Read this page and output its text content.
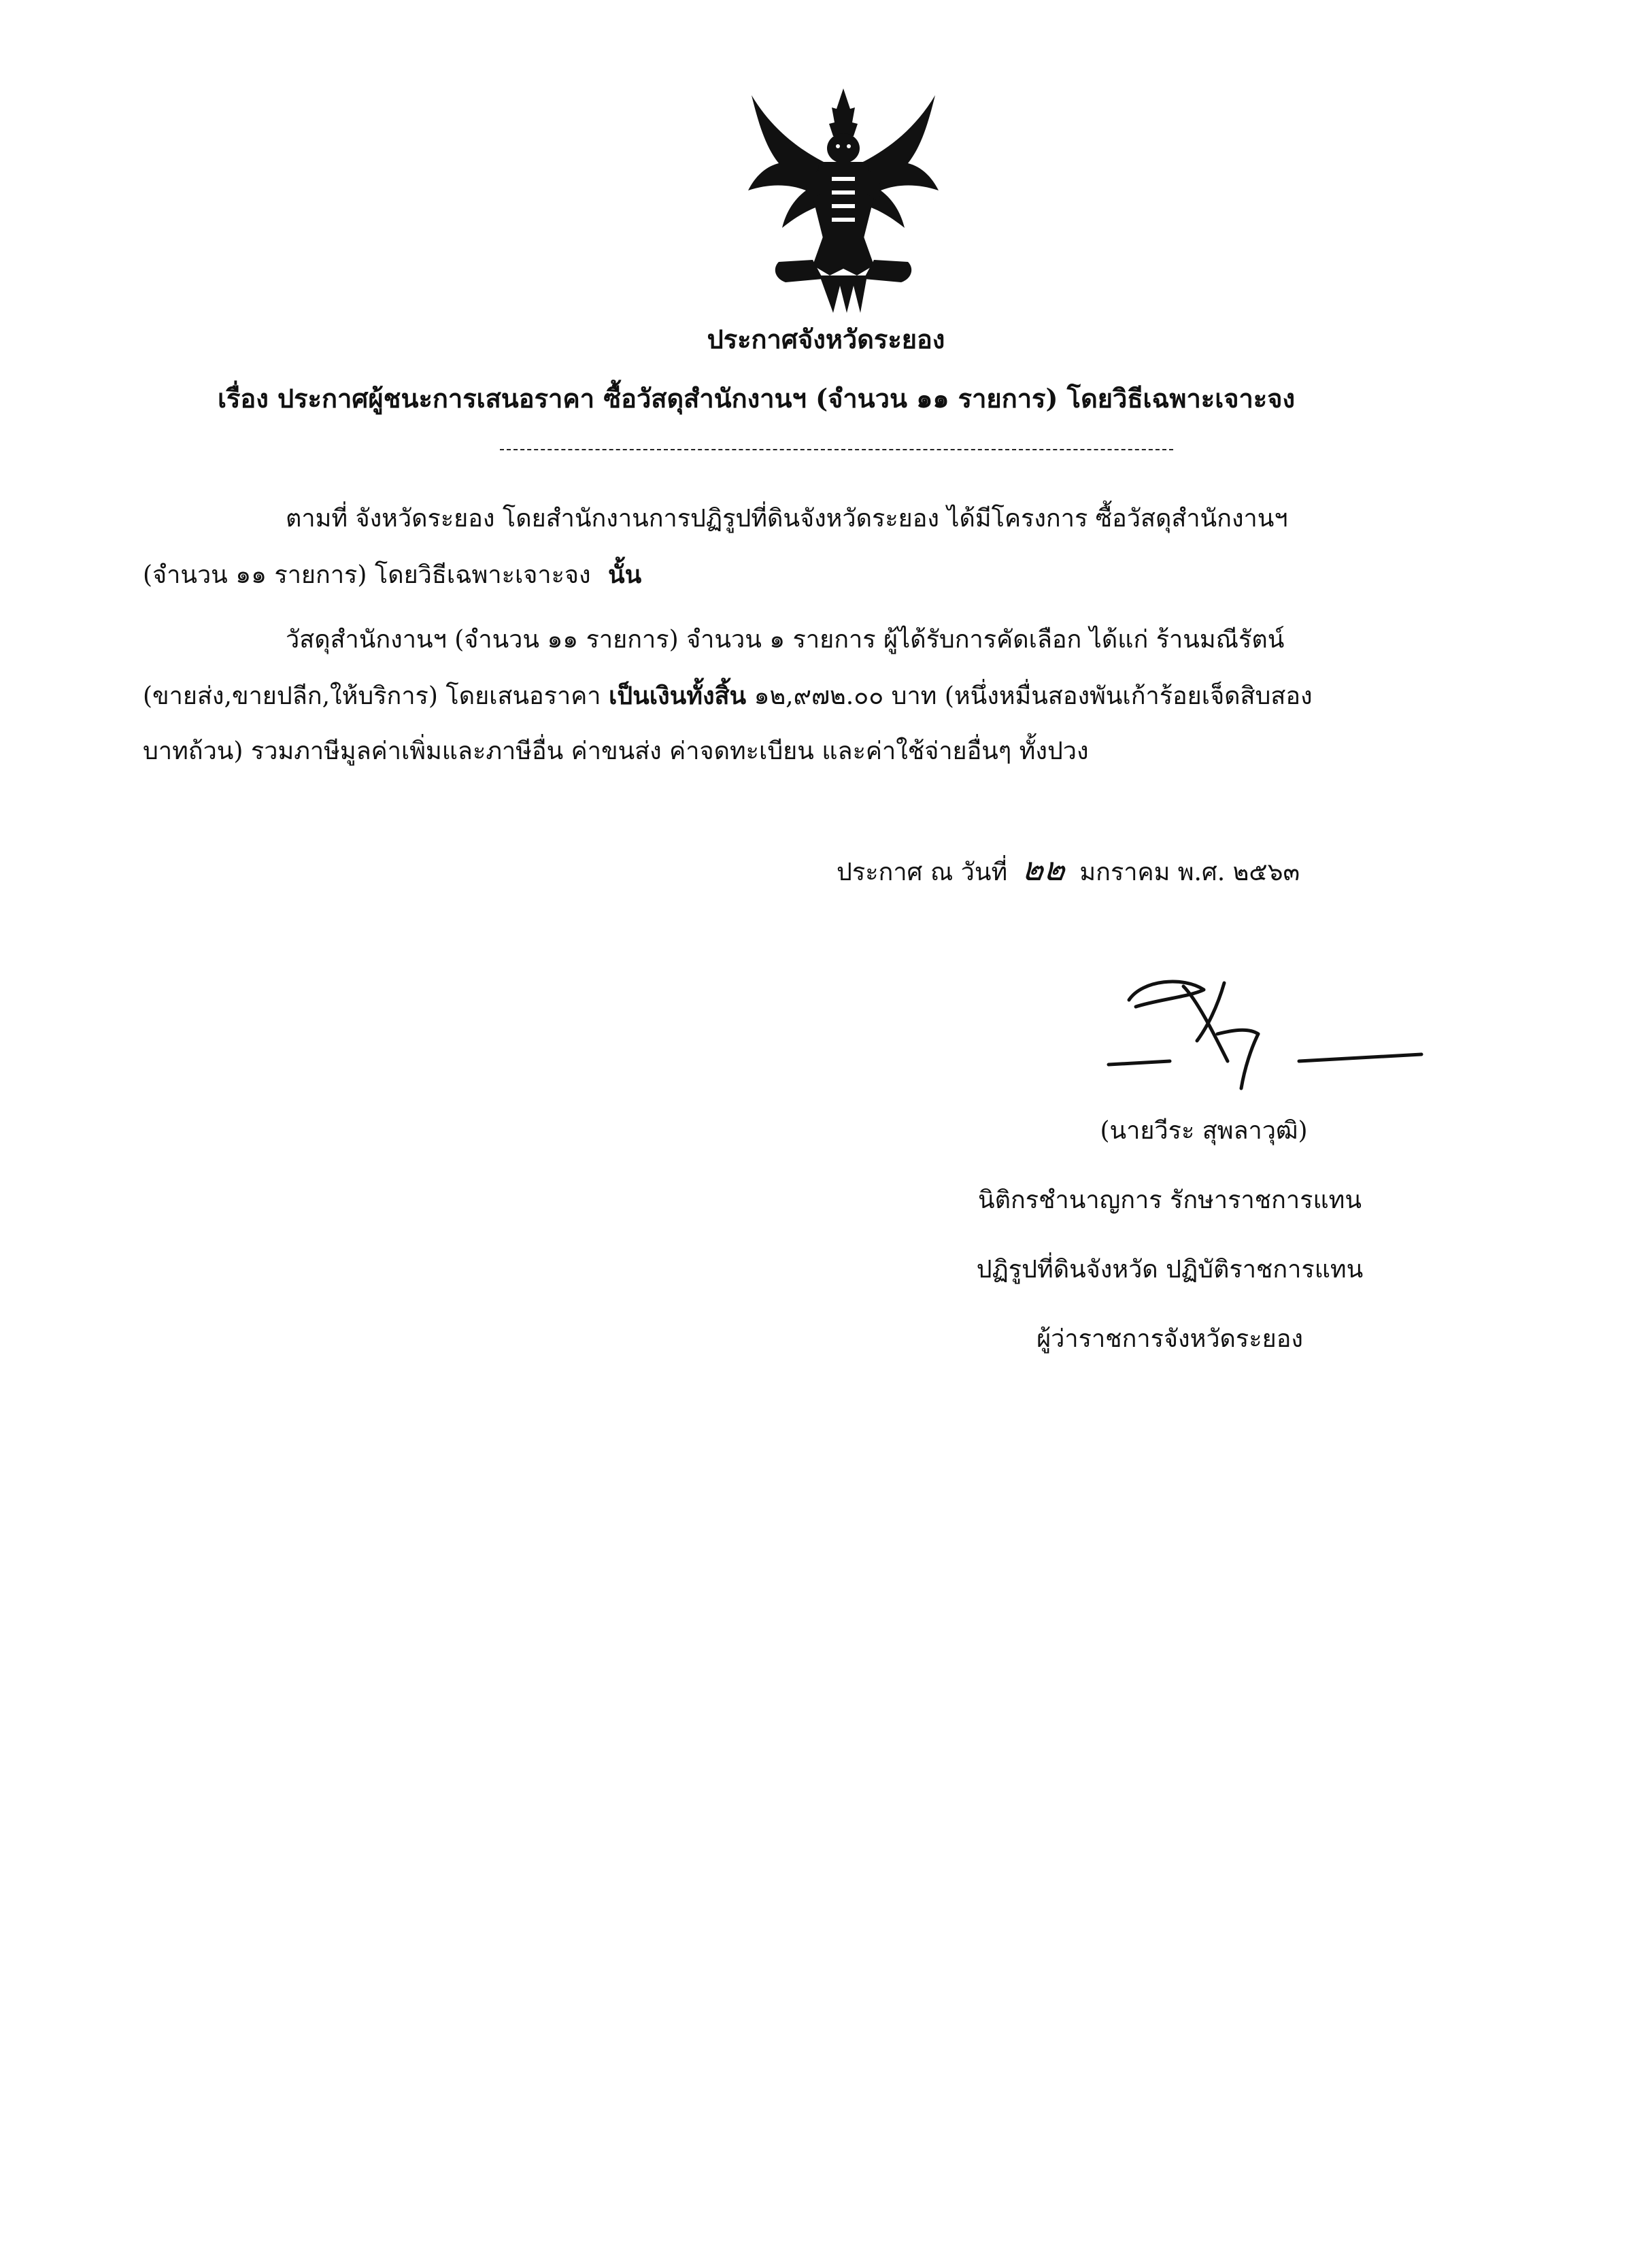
ประกาศจังหวัดระยอง
เรื่อง ประกาศผู้ชนะการเสนอราคา ซื้อวัสดุสำนักงานฯ (จำนวน ๑๑ รายการ) โดยวิธีเฉพาะเจาะจง
ตามที่ จังหวัดระยอง โดยสำนักงานการปฏิรูปที่ดินจังหวัดระยอง ได้มีโครงการ ซื้อวัสดุสำนักงานฯ
(จำนวน ๑๑ รายการ) โดยวิธีเฉพาะเจาะจง นั้น
วัสดุสำนักงานฯ (จำนวน ๑๑ รายการ) จำนวน ๑ รายการ ผู้ได้รับการคัดเลือก ได้แก่ ร้านมณีรัตน์
(ขายส่ง,ขายปลีก,ให้บริการ) โดยเสนอราคา เป็นเงินทั้งสิ้น ๑๒,๙๗๒.๐๐ บาท (หนึ่งหมื่นสองพันเก้าร้อยเจ็ดสิบสอง
บาทถ้วน) รวมภาษีมูลค่าเพิ่มและภาษีอื่น ค่าขนส่ง ค่าจดทะเบียน และค่าใช้จ่ายอื่นๆ ทั้งปวง
ประกาศ ณ วันที่ ๒๒ มกราคม พ.ศ. ๒๕๖๓
(นายวีระ สุพลาวุฒิ)
นิติกรชำนาญการ รักษาราชการแทน
ปฏิรูปที่ดินจังหวัด ปฏิบัติราชการแทน
ผู้ว่าราชการจังหวัดระยอง
